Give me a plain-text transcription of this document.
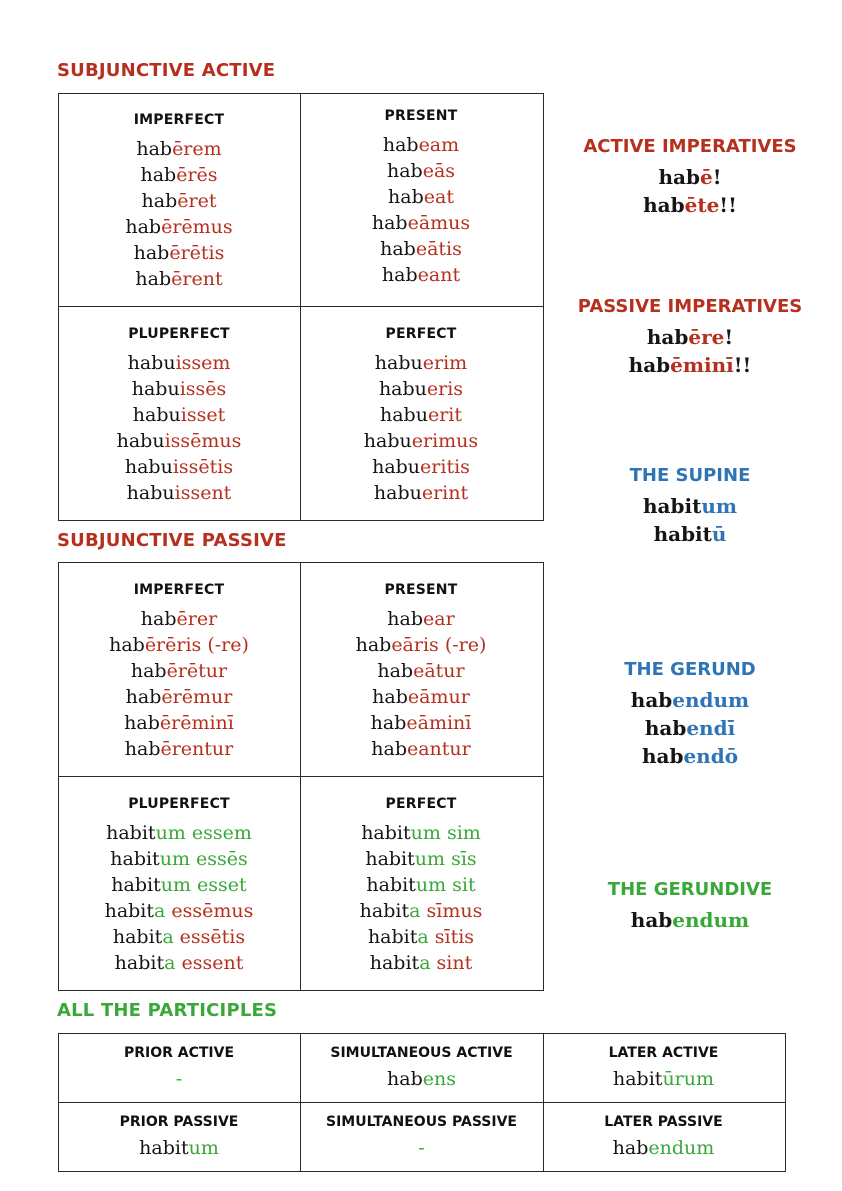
SUBJUNCTIVE ACTIVE
SUBJUNCTIVE PASSIVE
ALL THE PARTICIPLES
IMPERFECT
habērem
habērēs
habēret
habērēmus
habērētis
habērent
PRESENT
habeam
habeās
habeat
habeāmus
habeātis
habeant
PLUPERFECT
habuissem
habuissēs
habuisset
habuissēmus
habuissētis
habuissent
PERFECT
habuerim
habueris
habuerit
habuerimus
habueritis
habuerint
IMPERFECT
habērer
habērēris (-re)
habērētur
habērēmur
habērēminī
habērentur
PRESENT
habear
habeāris (-re)
habeātur
habeāmur
habeāminī
habeantur
PLUPERFECT
habitum essem
habitum essēs
habitum esset
habita essēmus
habita essētis
habita essent
PERFECT
habitum sim
habitum sīs
habitum sit
habita sīmus
habita sītis
habita sint
ACTIVE IMPERATIVES
habē!
habēte!!
PASSIVE IMPERATIVES
habēre!
habēminī!!
THE SUPINE
habitum
habitū
THE GERUND
habendum
habendī
habendō
THE GERUNDIVE
habendum
PRIOR ACTIVE
-
SIMULTANEOUS ACTIVE
habens
LATER ACTIVE
habitūrum
PRIOR PASSIVE
habitum
SIMULTANEOUS PASSIVE
-
LATER PASSIVE
habendum
